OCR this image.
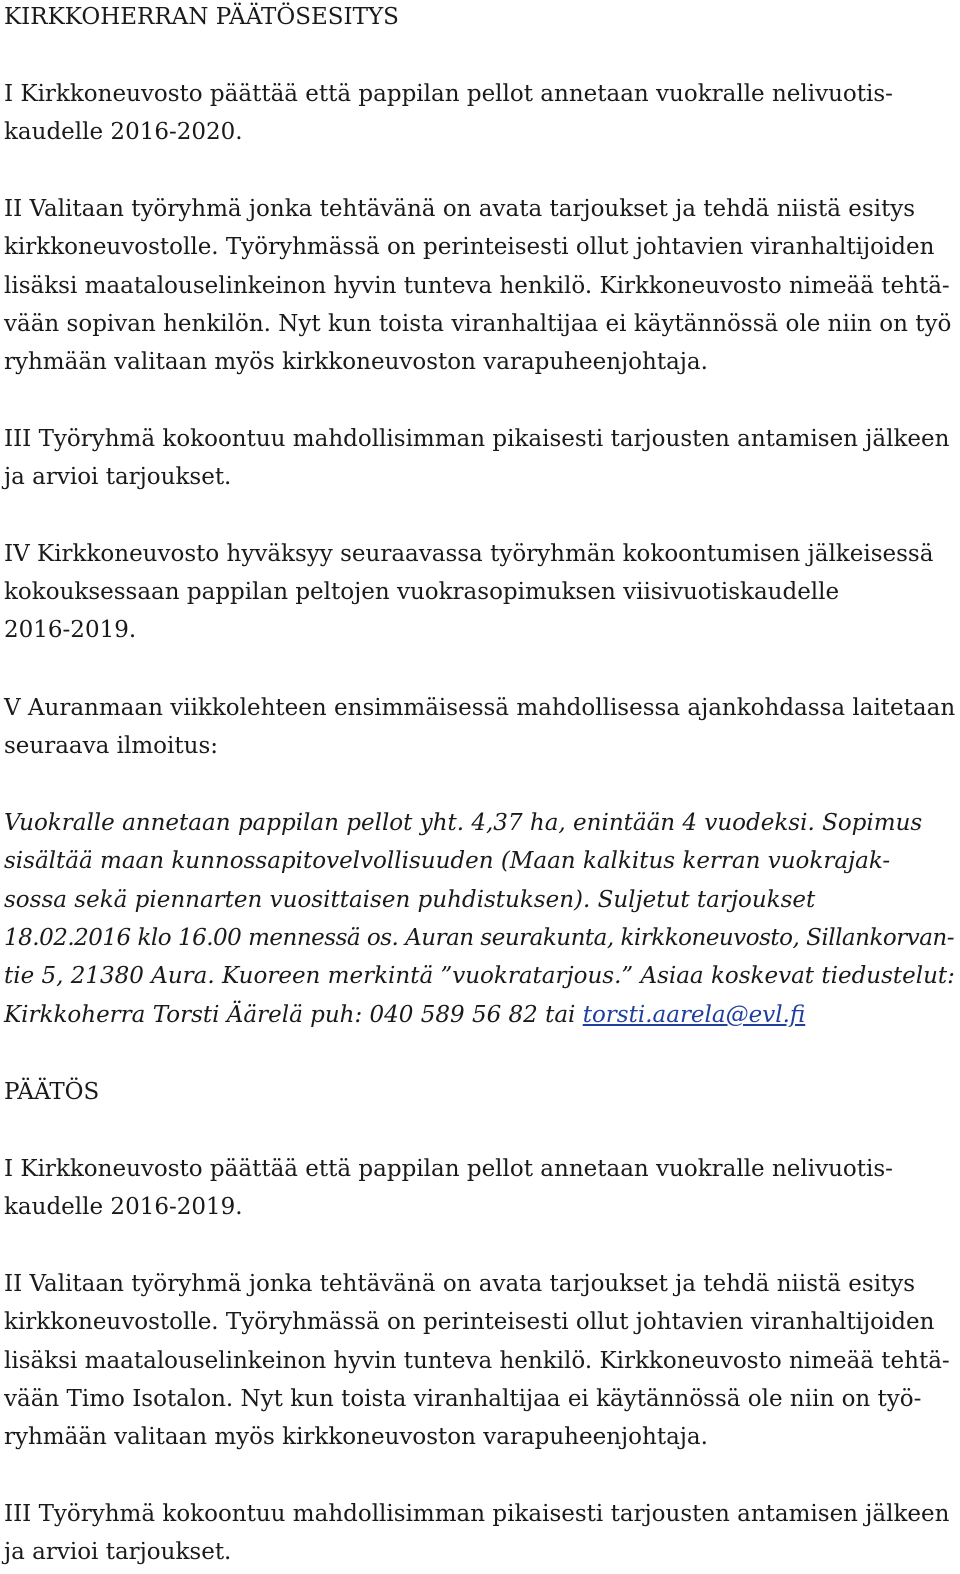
KIRKKOHERRAN PÄÄTÖSESITYS
I Kirkkoneuvosto päättää että pappilan pellot annetaan vuokralle nelivuotis-
kaudelle 2016-2020.
II Valitaan työryhmä jonka tehtävänä on avata tarjoukset ja tehdä niistä esitys
kirkkoneuvostolle. Työryhmässä on perinteisesti ollut johtavien viranhaltijoiden
lisäksi maatalouselinkeinon hyvin tunteva henkilö. Kirkkoneuvosto nimeää tehtä-
vään sopivan henkilön. Nyt kun toista viranhaltijaa ei käytännössä ole niin on työ
ryhmään valitaan myös kirkkoneuvoston varapuheenjohtaja.
III Työryhmä kokoontuu mahdollisimman pikaisesti tarjousten antamisen jälkeen
ja arvioi tarjoukset.
IV Kirkkoneuvosto hyväksyy seuraavassa työryhmän kokoontumisen jälkeisessä
kokouksessaan pappilan peltojen vuokrasopimuksen viisivuotiskaudelle
2016-2019.
V Auranmaan viikkolehteen ensimmäisessä mahdollisessa ajankohdassa laitetaan
seuraava ilmoitus:
Vuokralle annetaan pappilan pellot yht. 4,37 ha, enintään 4 vuodeksi. Sopimus
sisältää maan kunnossapitovelvollisuuden (Maan kalkitus kerran vuokrajak-
sossa sekä piennarten vuosittaisen puhdistuksen). Suljetut tarjoukset
18.02.2016 klo 16.00 mennessä os. Auran seurakunta, kirkkoneuvosto, Sillankorvan-
tie 5, 21380 Aura. Kuoreen merkintä ”vuokratarjous.” Asiaa koskevat tiedustelut:
Kirkkoherra Torsti Äärelä puh: 040 589 56 82 tai torsti.aarela@evl.fi
PÄÄTÖS
I Kirkkoneuvosto päättää että pappilan pellot annetaan vuokralle nelivuotis-
kaudelle 2016-2019.
II Valitaan työryhmä jonka tehtävänä on avata tarjoukset ja tehdä niistä esitys
kirkkoneuvostolle. Työryhmässä on perinteisesti ollut johtavien viranhaltijoiden
lisäksi maatalouselinkeinon hyvin tunteva henkilö. Kirkkoneuvosto nimeää tehtä-
vään Timo Isotalon. Nyt kun toista viranhaltijaa ei käytännössä ole niin on työ-
ryhmään valitaan myös kirkkoneuvoston varapuheenjohtaja.
III Työryhmä kokoontuu mahdollisimman pikaisesti tarjousten antamisen jälkeen
ja arvioi tarjoukset.
